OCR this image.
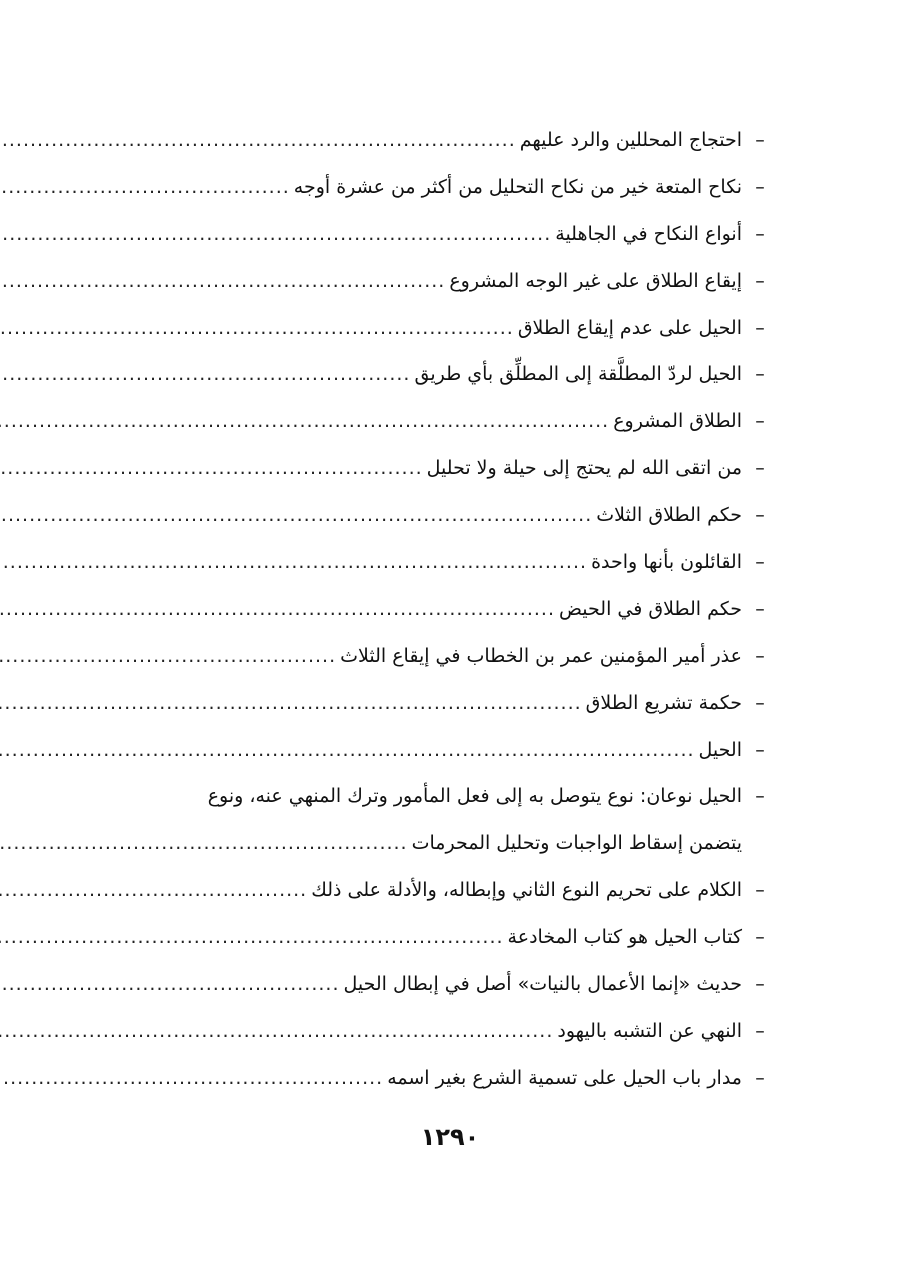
–
احتجاج المحللين والرد عليهم
.....
–
نكاح المتعة خير من نكاح التحليل من أكثر من عشرة أوجه
.....
–
أنواع النكاح في الجاهلية
.....
–
إيقاع الطلاق على غير الوجه المشروع
.....
–
الحيل على عدم إيقاع الطلاق
.....
–
الحيل لردّ المطلَّقة إلى المطلِّق بأي طريق
.....
–
الطلاق المشروع
.....
–
من اتقى الله لم يحتج إلى حيلة ولا تحليل
.....
–
حكم الطلاق الثلاث
.....
–
القائلون بأنها واحدة
.....
–
حكم الطلاق في الحيض
.....
–
عذر أمير المؤمنين عمر بن الخطاب في إيقاع الثلاث
.....
–
حكمة تشريع الطلاق
.....
–
الحيل
.....
–
الحيل نوعان: نوع يتوصل به إلى فعل المأمور وترك المنهي عنه، ونوع
يتضمن إسقاط الواجبات وتحليل المحرمات
.....
–
الكلام على تحريم النوع الثاني وإبطاله، والأدلة على ذلك
.....
–
كتاب الحيل هو كتاب المخادعة
.....
–
حديث «إنما الأعمال بالنيات» أصل في إبطال الحيل
.....
–
النهي عن التشبه باليهود
.....
–
مدار باب الحيل على تسمية الشرع بغير اسمه
.....
١٢٩٠
